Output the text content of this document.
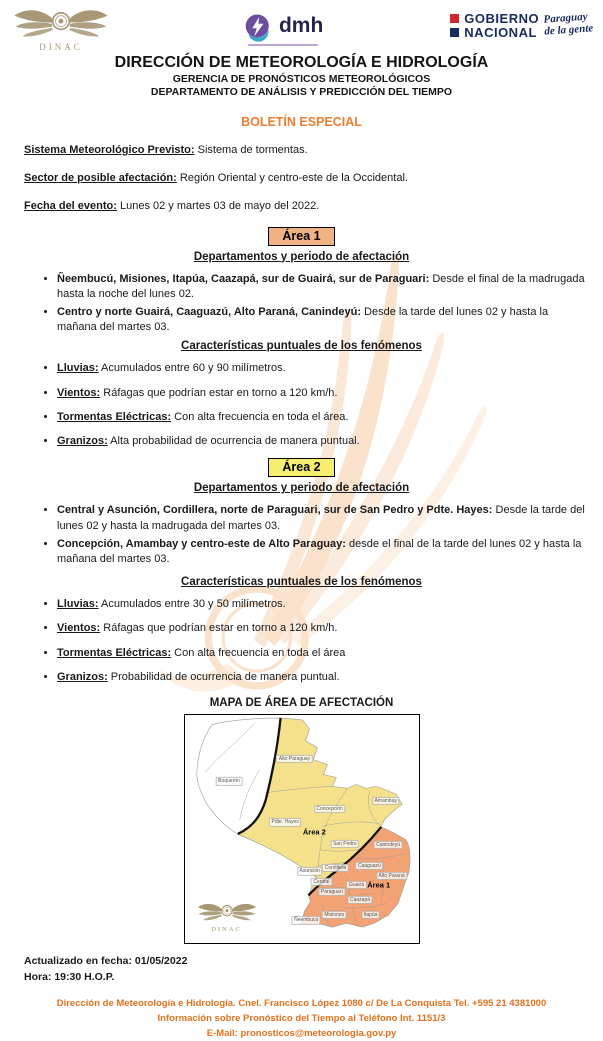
DINAC
dmh	GOBIERNO
NACIONAL
Paraguay
de la gente
DIRECCIÓN DE METEOROLOGÍA E HIDROLOGÍA
GERENCIA DE PRONÓSTICOS METEOROLÓGICOS
DEPARTAMENTO DE ANÁLISIS Y PREDICCIÓN DEL TIEMPO
BOLETÍN ESPECIAL
Sistema Meteorológico Previsto: Sistema de tormentas.
Sector de posible afectación: Región Oriental y centro-este de la Occidental.
Fecha del evento: Lunes 02 y martes 03 de mayo del 2022.
Área 1
Departamentos y periodo de afectación
• Ñeembucú, Misiones, Itapúa, Caazapá, sur de Guairá, sur de Paraguari: Desde el final de la madrugada hasta la noche del lunes 02.
• Centro y norte Guairá, Caaguazú, Alto Paraná, Canindeyú: Desde la tarde del lunes 02 y hasta la mañana del martes 03.
Características puntuales de los fenómenos
• Lluvias: Acumulados entre 60 y 90 milímetros.
• Vientos: Ráfagas que podrían estar en torno a 120 km/h.
• Tormentas Eléctricas: Con alta frecuencia en toda el área.
• Granizos: Alta probabilidad de ocurrencia de manera puntual.
Área 2
Departamentos y periodo de afectación
• Central y Asunción, Cordillera, norte de Paraguari, sur de San Pedro y Pdte. Hayes: Desde la tarde del lunes 02 y hasta la madrugada del martes 03.
• Concepción, Amambay y centro-este de Alto Paraguay: desde el final de la tarde del lunes 02 y hasta la mañana del martes 03.
Características puntuales de los fenómenos
• Lluvias: Acumulados entre 30 y 50 milímetros.
• Vientos: Ráfagas que podrían estar en torno a 120 km/h.
• Tormentas Eléctricas: Con alta frecuencia en toda el área
• Granizos: Probabilidad de ocurrencia de manera puntual.
MAPA DE ÁREA DE AFECTACIÓN
Alto Paraguay
Boquerón
Concepción
Amambay
Pdte. Hayes
Área 2
San Pedro	Canindeyú
Asunción
Cordillera	Caaguazú
Central
Alto Paraná
Guairá Área 1
Paraguarí
Caazapá
Misiones	Itapúa
Ñeembucú
DINAC
Actualizado en fecha: 01/05/2022
Hora: 19:30 H.O.P.
Dirección de Meteorología e Hidrología. Cnel. Francisco López 1080 c/ De La Conquista Tel. +595 21 4381000
Información sobre Pronóstico del Tiempo al Teléfono Int. 1151/3
E-Mail: pronosticos@meteorologia.gov.py
